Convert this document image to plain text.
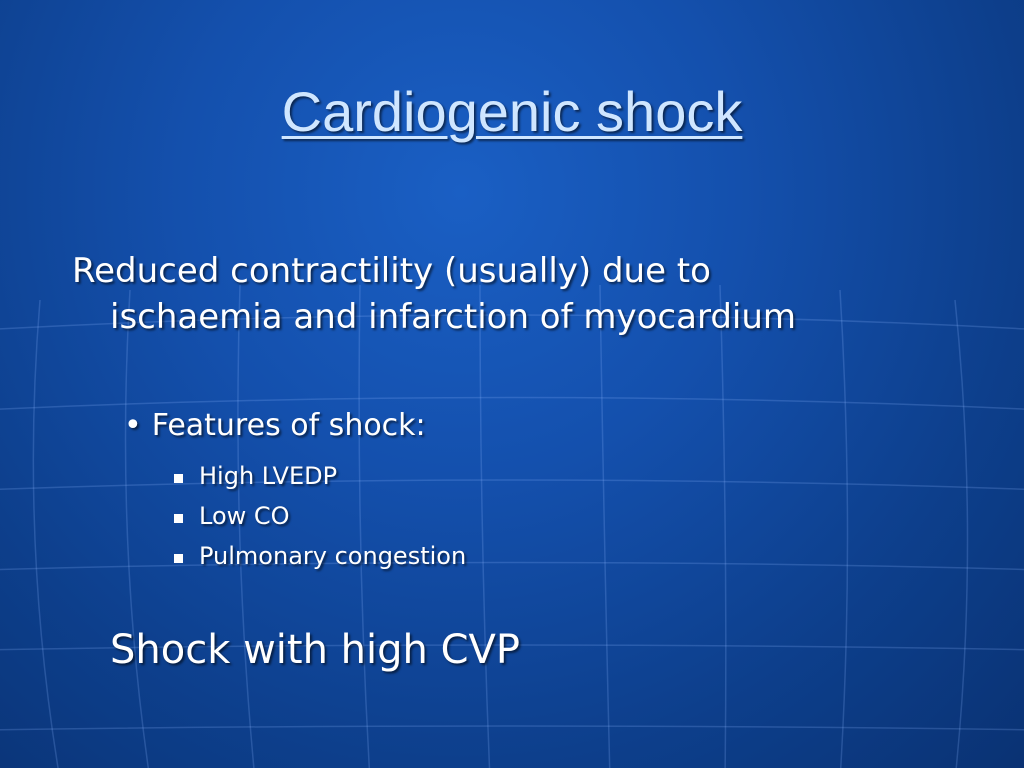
Cardiogenic shock
Reduced contractility (usually) due to
ischaemia and infarction of myocardium
• Features of shock:
High LVEDP
Low CO
Pulmonary congestion
Shock with high CVP
